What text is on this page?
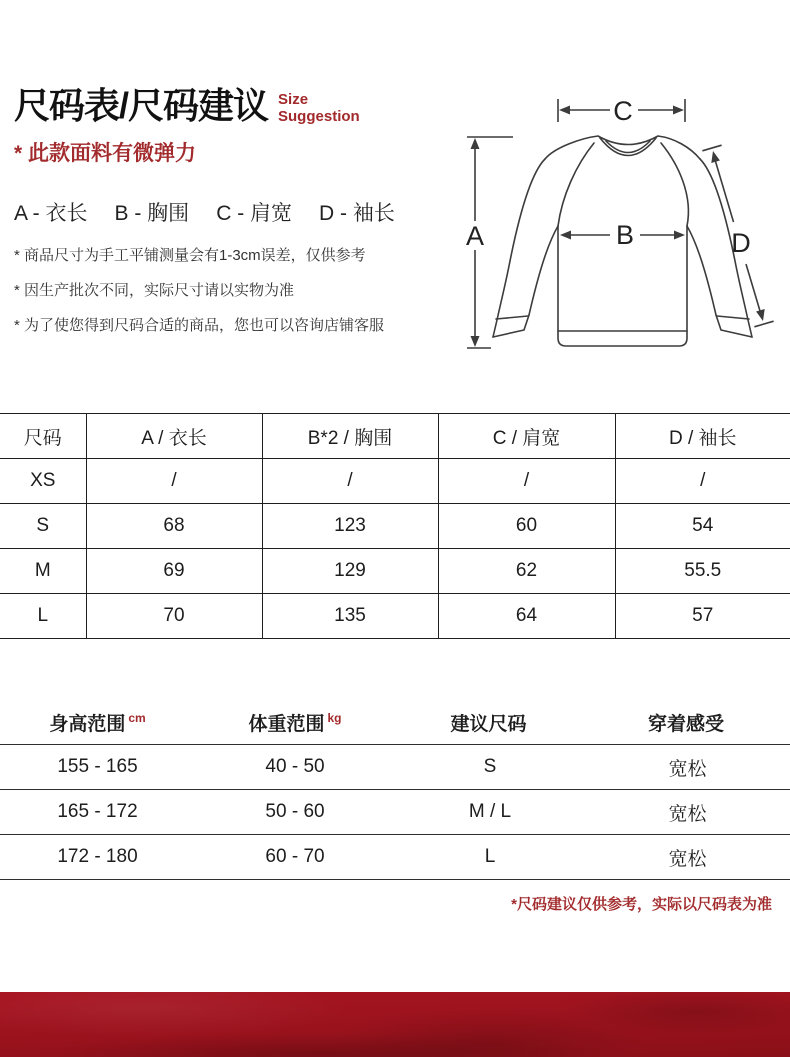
尺码表/尺码建议 Size
Suggestion
* 此款面料有微弹力
A - 衣长 B - 胸围 C - 肩宽 D - 袖长
* 商品尺寸为手工平铺测量会有1-3cm误差，仅供参考
* 因生产批次不同，实际尺寸请以实物为准
* 为了使您得到尺码合适的商品，您也可以咨询店铺客服
C
A	B	D
尺码	A / 衣长	B*2 / 胸围	C / 肩宽	D / 袖长
XS	/	/	/	/
S	68	123	60	54
M	69	129	62	55.5
L	70	135	64	57
身高范围 $^{cm}$	体重范围 $^{kg}$	建议尺码	穿着感受
155 - 165	40 - 50	S	宽松
165 - 172	50 - 60	M / L	宽松
172 - 180	60 - 70	L	宽松
*尺码建议仅供参考，实际以尺码表为准
